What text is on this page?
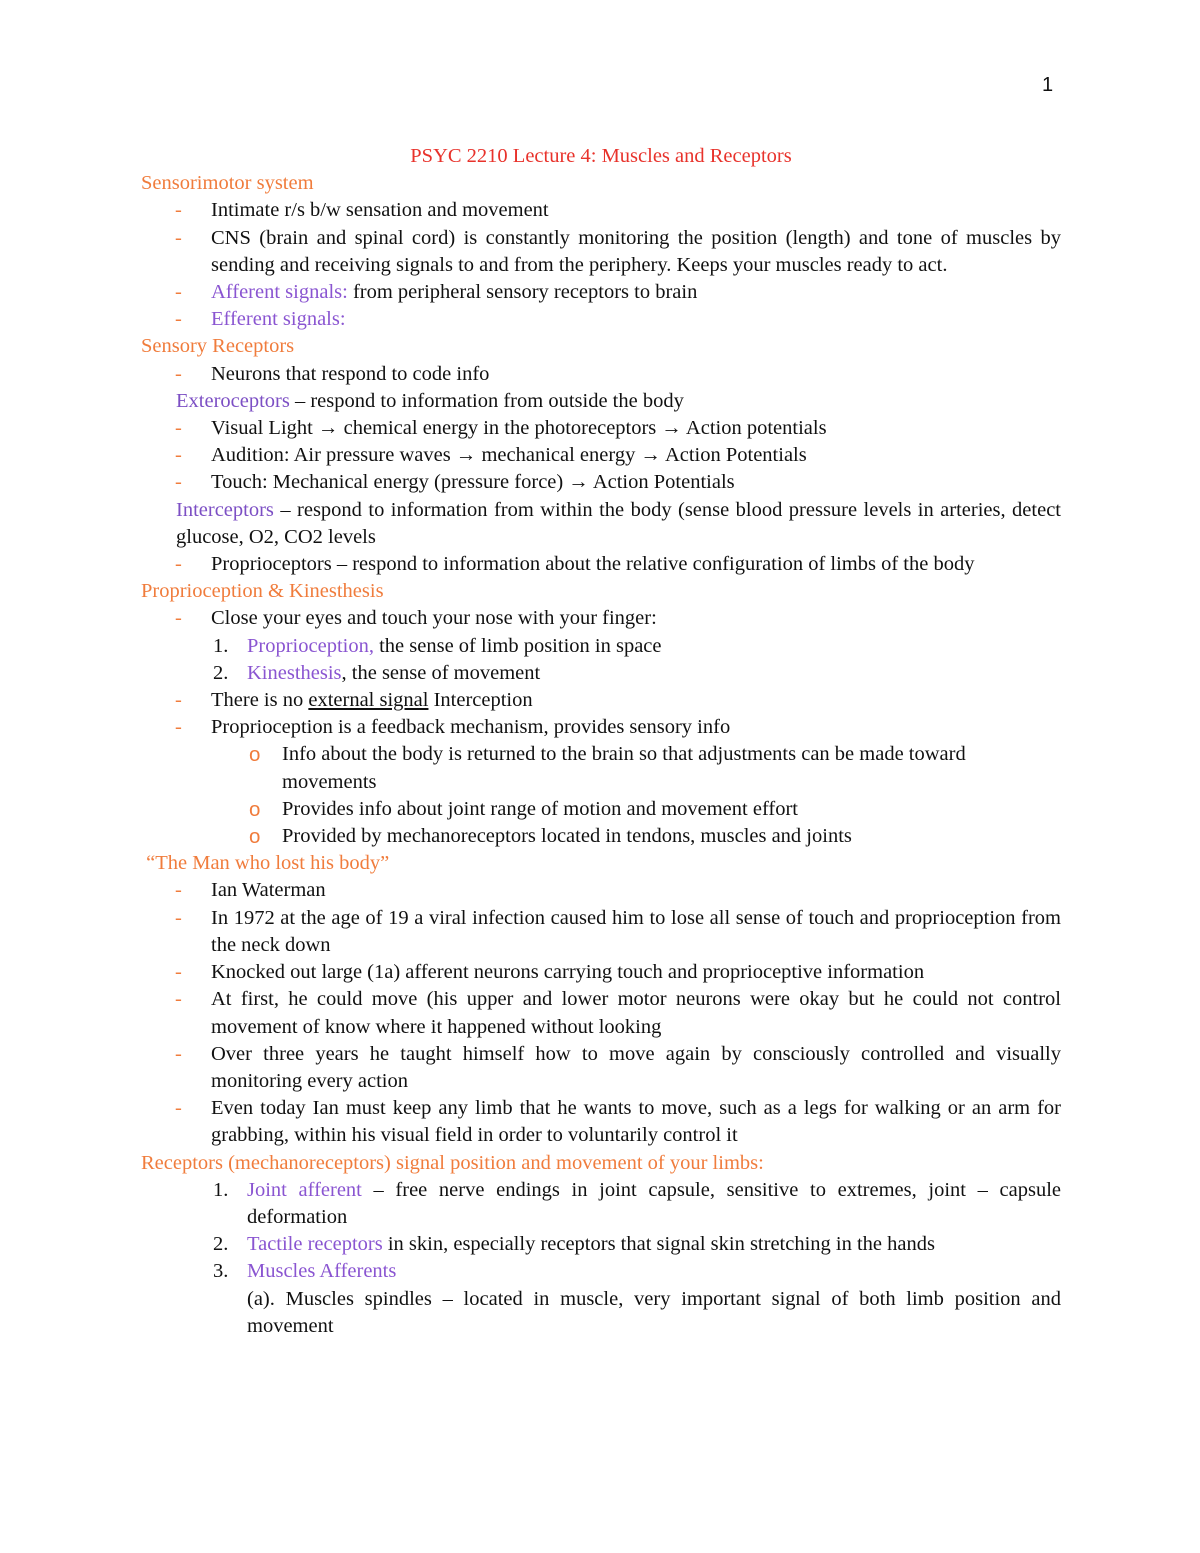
1
PSYC 2210 Lecture 4: Muscles and Receptors
Sensorimotor system
- Intimate r/s b/w sensation and movement
- CNS (brain and spinal cord) is constantly monitoring the position (length) and tone of muscles by sending and receiving signals to and from the periphery. Keeps your muscles ready to act.
- Afferent signals: from peripheral sensory receptors to brain
- Efferent signals:
Sensory Receptors
- Neurons that respond to code info
Exteroceptors – respond to information from outside the body
- Visual Light → chemical energy in the photoreceptors → Action potentials
- Audition: Air pressure waves → mechanical energy → Action Potentials
- Touch: Mechanical energy (pressure force) → Action Potentials
Interceptors – respond to information from within the body (sense blood pressure levels in arteries, detect glucose, O2, CO2 levels
- Proprioceptors – respond to information about the relative configuration of limbs of the body
Proprioception & Kinesthesis
- Close your eyes and touch your nose with your finger:
1. Proprioception, the sense of limb position in space
2. Kinesthesis, the sense of movement
- There is no external signal Interception
- Proprioception is a feedback mechanism, provides sensory info
o Info about the body is returned to the brain so that adjustments can be made toward movements
o Provides info about joint range of motion and movement effort
o Provided by mechanoreceptors located in tendons, muscles and joints
“The Man who lost his body”
- Ian Waterman
- In 1972 at the age of 19 a viral infection caused him to lose all sense of touch and proprioception from the neck down
- Knocked out large (1a) afferent neurons carrying touch and proprioceptive information
- At first, he could move (his upper and lower motor neurons were okay but he could not control movement of know where it happened without looking
- Over three years he taught himself how to move again by consciously controlled and visually monitoring every action
- Even today Ian must keep any limb that he wants to move, such as a legs for walking or an arm for grabbing, within his visual field in order to voluntarily control it
Receptors (mechanoreceptors) signal position and movement of your limbs:
1. Joint afferent – free nerve endings in joint capsule, sensitive to extremes, joint – capsule deformation
2. Tactile receptors in skin, especially receptors that signal skin stretching in the hands
3. Muscles Afferents
(a). Muscles spindles – located in muscle, very important signal of both limb position and movement
